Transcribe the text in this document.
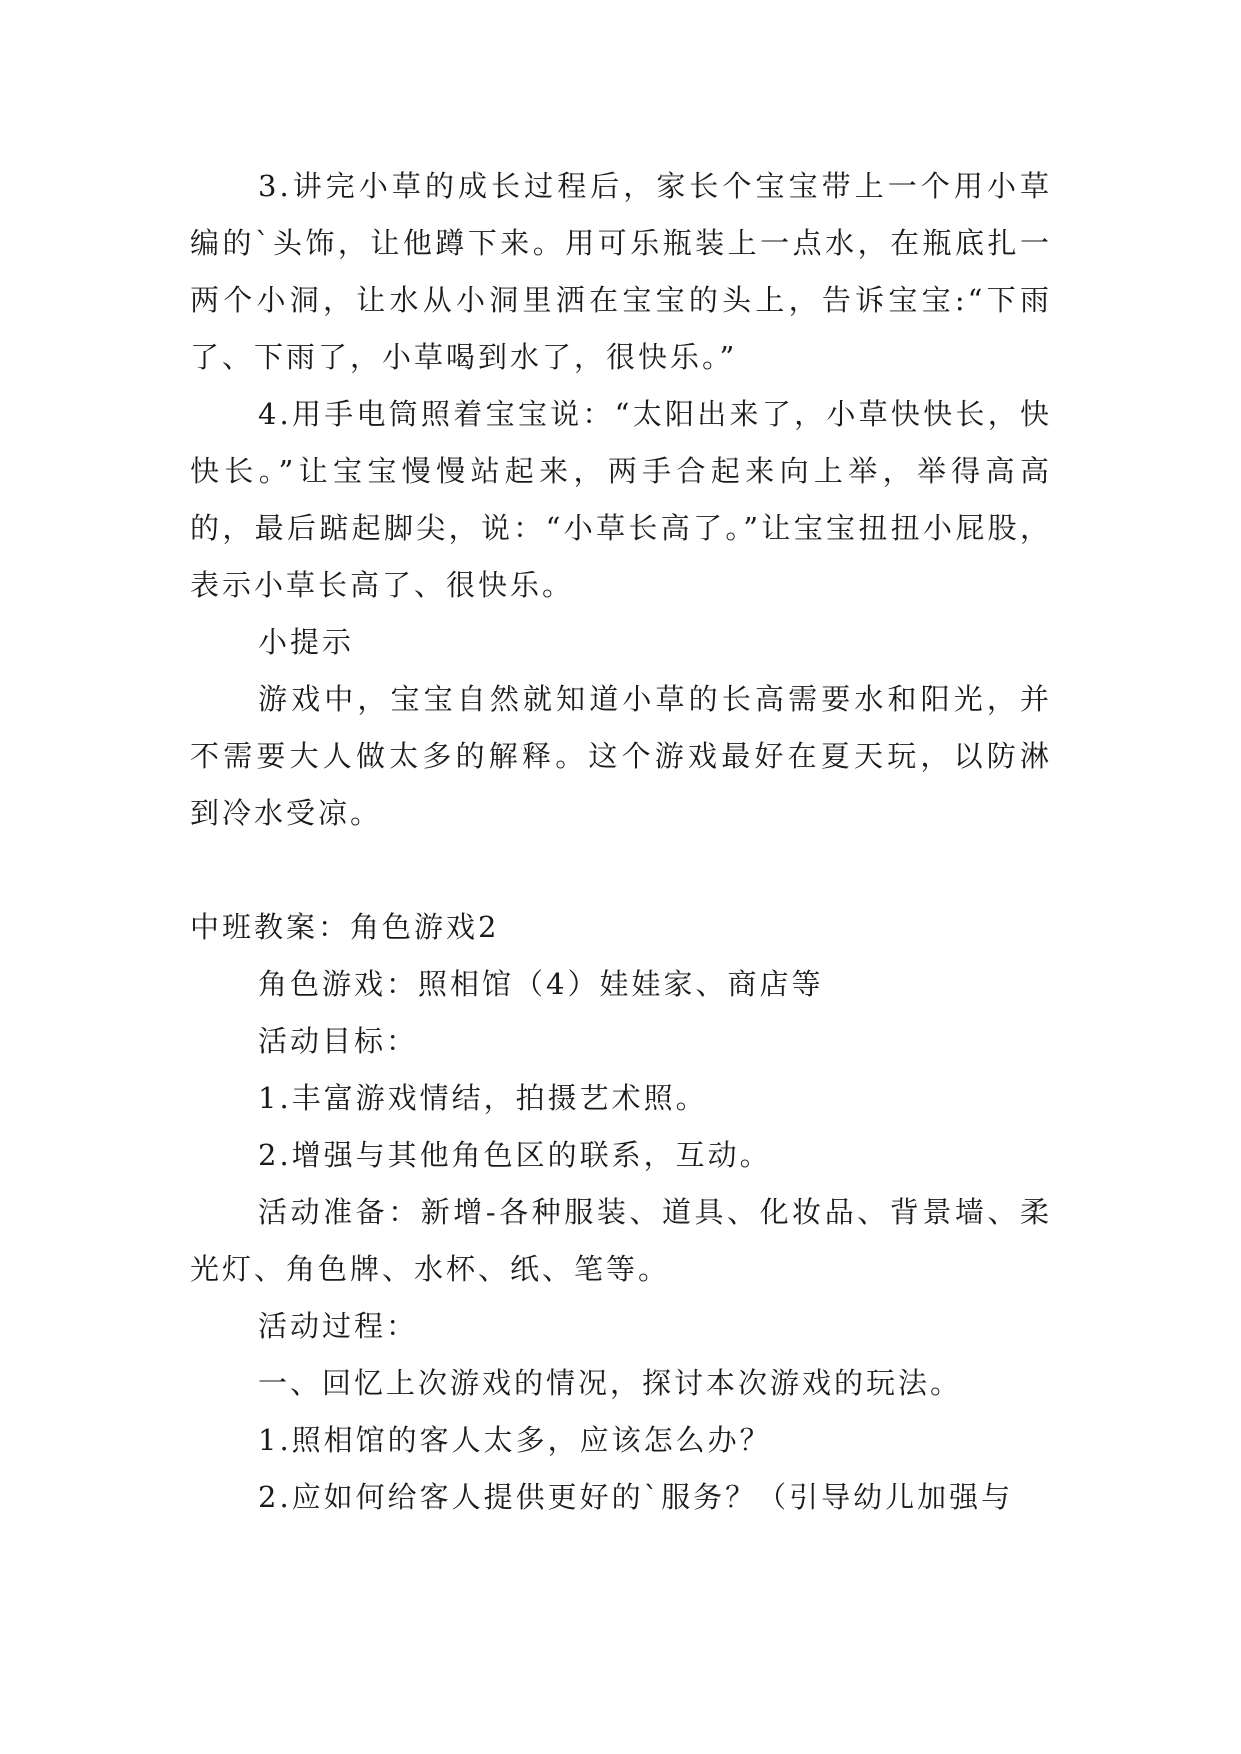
3.讲完小草的成长过程后，家长个宝宝带上一个用小草编的`头饰，让他蹲下来。用可乐瓶装上一点水，在瓶底扎一两个小洞，让水从小洞里洒在宝宝的头上，告诉宝宝:“下雨了、下雨了，小草喝到水了，很快乐。”

4.用手电筒照着宝宝说：“太阳出来了，小草快快长，快快长。”让宝宝慢慢站起来，两手合起来向上举，举得高高的，最后踮起脚尖，说：“小草长高了。”让宝宝扭扭小屁股，表示小草长高了、很快乐。

小提示

游戏中，宝宝自然就知道小草的长高需要水和阳光，并不需要大人做太多的解释。这个游戏最好在夏天玩，以防淋到冷水受凉。

中班教案：角色游戏2

角色游戏：照相馆（4）娃娃家、商店等

活动目标：

1.丰富游戏情结，拍摄艺术照。

2.增强与其他角色区的联系，互动。

活动准备：新增-各种服装、道具、化妆品、背景墙、柔光灯、角色牌、水杯、纸、笔等。

活动过程：

一、回忆上次游戏的情况，探讨本次游戏的玩法。

1.照相馆的客人太多，应该怎么办？

2.应如何给客人提供更好的`服务？（引导幼儿加强与
